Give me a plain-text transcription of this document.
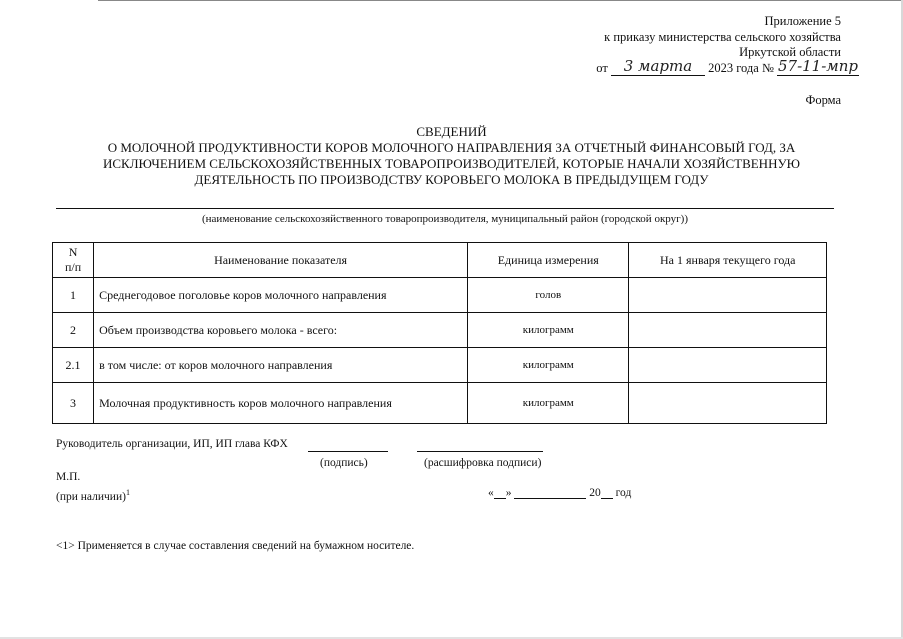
Приложение 5
к приказу министерства сельского хозяйства
Иркутской области
от 3 марта 2023 года № 57-11-мпр
Форма
СВЕДЕНИЙ
О МОЛОЧНОЙ ПРОДУКТИВНОСТИ КОРОВ МОЛОЧНОГО НАПРАВЛЕНИЯ ЗА ОТЧЕТНЫЙ ФИНАНСОВЫЙ ГОД, ЗА
ИСКЛЮЧЕНИЕМ СЕЛЬСКОХОЗЯЙСТВЕННЫХ ТОВАРОПРОИЗВОДИТЕЛЕЙ, КОТОРЫЕ НАЧАЛИ ХОЗЯЙСТВЕННУЮ
ДЕЯТЕЛЬНОСТЬ ПО ПРОИЗВОДСТВУ КОРОВЬЕГО МОЛОКА В ПРЕДЫДУЩЕМ ГОДУ
(наименование сельскохозяйственного товаропроизводителя, муниципальный район (городской округ))
N
п/п	Наименование показателя	Единица измерения	На 1 января текущего года
1	Среднегодовое поголовье коров молочного направления	голов	
2	Объем производства коровьего молока - всего:	килограмм	
2.1	в том числе: от коров молочного направления	килограмм	
3	Молочная продуктивность коров молочного направления	килограмм	
Руководитель организации, ИП, ИП глава КФХ
(подпись)	(расшифровка подписи)
М.П.
(при наличии)$^1$	« »	20 год
<1> Применяется в случае составления сведений на бумажном носителе.
